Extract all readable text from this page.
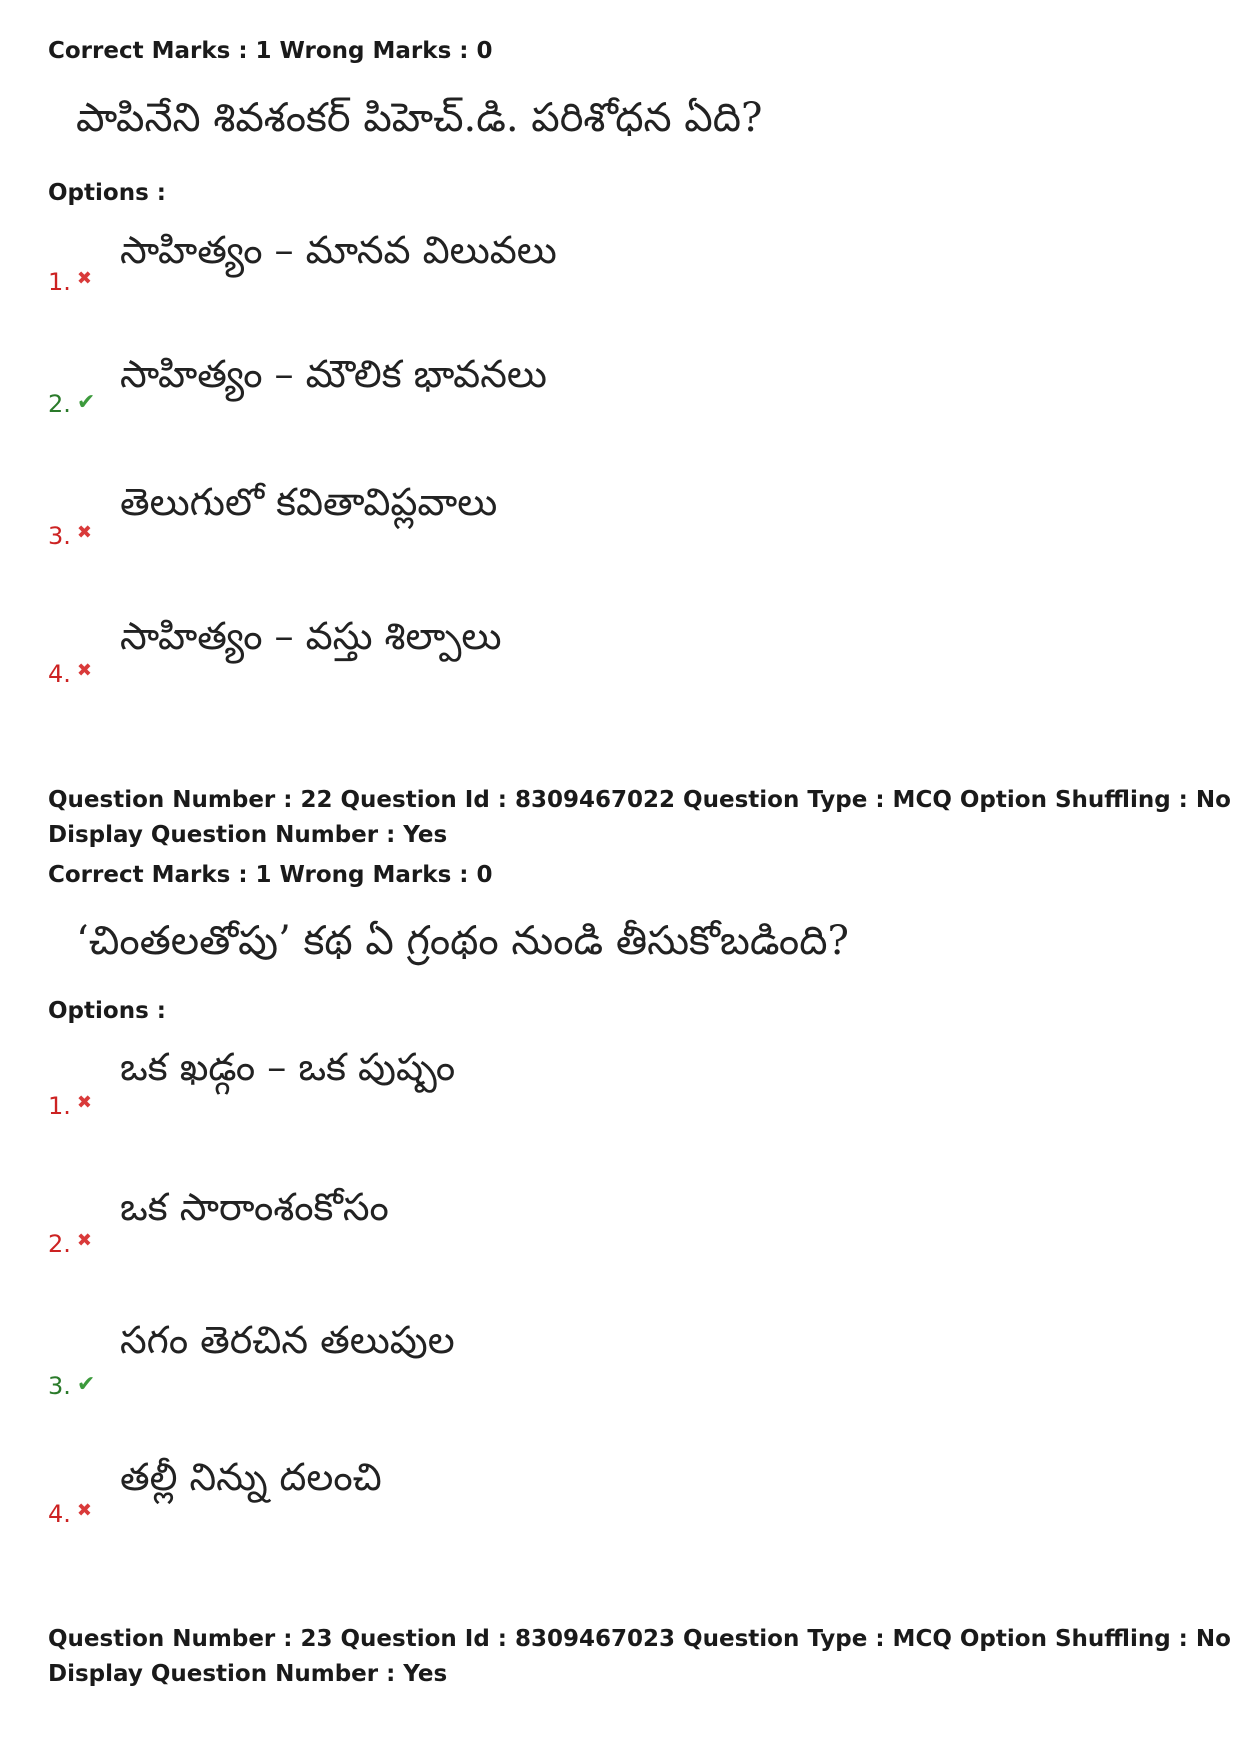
Correct Marks : 1 Wrong Marks : 0
పాపినేని శివశంకర్ పిహెచ్.డి. పరిశోధన ఏది?
Options :
సాహిత్యం – మానవ విలువలు
1. ✖
సాహిత్యం – మౌలిక భావనలు
2. ✔
తెలుగులో కవితావిప్లవాలు
3. ✖
సాహిత్యం – వస్తు శిల్పాలు
4. ✖
Question Number : 22 Question Id : 8309467022 Question Type : MCQ Option Shuffling : No
Display Question Number : Yes
Correct Marks : 1 Wrong Marks : 0
‘చింతలతోపు’ కథ ఏ గ్రంథం నుండి తీసుకోబడింది?
Options :
ఒక ఖడ్గం – ఒక పుష్పం
1. ✖
ఒక సారాంశంకోసం
2. ✖
సగం తెరచిన తలుపుల
3. ✔
తల్లీ నిన్ను దలంచి
4. ✖
Question Number : 23 Question Id : 8309467023 Question Type : MCQ Option Shuffling : No
Display Question Number : Yes
